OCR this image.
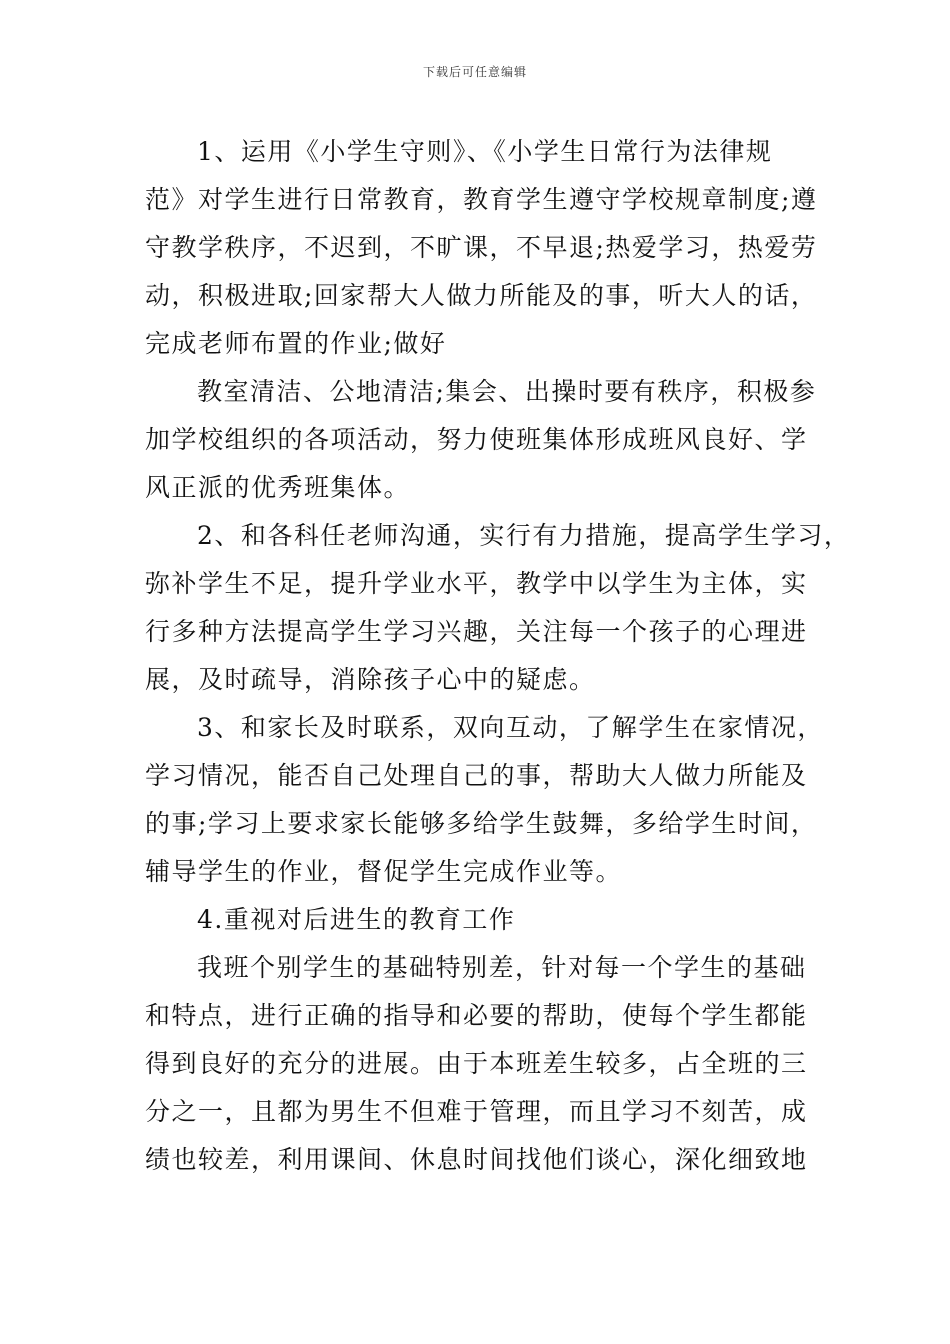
下载后可任意编辑
1、运用《小学生守则》、《小学生日常行为法律规
范》对学生进行日常教育，教育学生遵守学校规章制度;遵
守教学秩序，不迟到，不旷课，不早退;热爱学习，热爱劳
动，积极进取;回家帮大人做力所能及的事，听大人的话，
完成老师布置的作业;做好
教室清洁、公地清洁;集会、出操时要有秩序，积极参
加学校组织的各项活动，努力使班集体形成班风良好、学
风正派的优秀班集体。
2、和各科任老师沟通，实行有力措施，提高学生学习，
弥补学生不足，提升学业水平，教学中以学生为主体，实
行多种方法提高学生学习兴趣，关注每一个孩子的心理进
展，及时疏导，消除孩子心中的疑虑。
3、和家长及时联系，双向互动，了解学生在家情况，
学习情况，能否自己处理自己的事，帮助大人做力所能及
的事;学习上要求家长能够多给学生鼓舞，多给学生时间，
辅导学生的作业，督促学生完成作业等。
4.重视对后进生的教育工作
我班个别学生的基础特别差，针对每一个学生的基础
和特点，进行正确的指导和必要的帮助，使每个学生都能
得到良好的充分的进展。由于本班差生较多，占全班的三
分之一，且都为男生不但难于管理，而且学习不刻苦，成
绩也较差，利用课间、休息时间找他们谈心，深化细致地
